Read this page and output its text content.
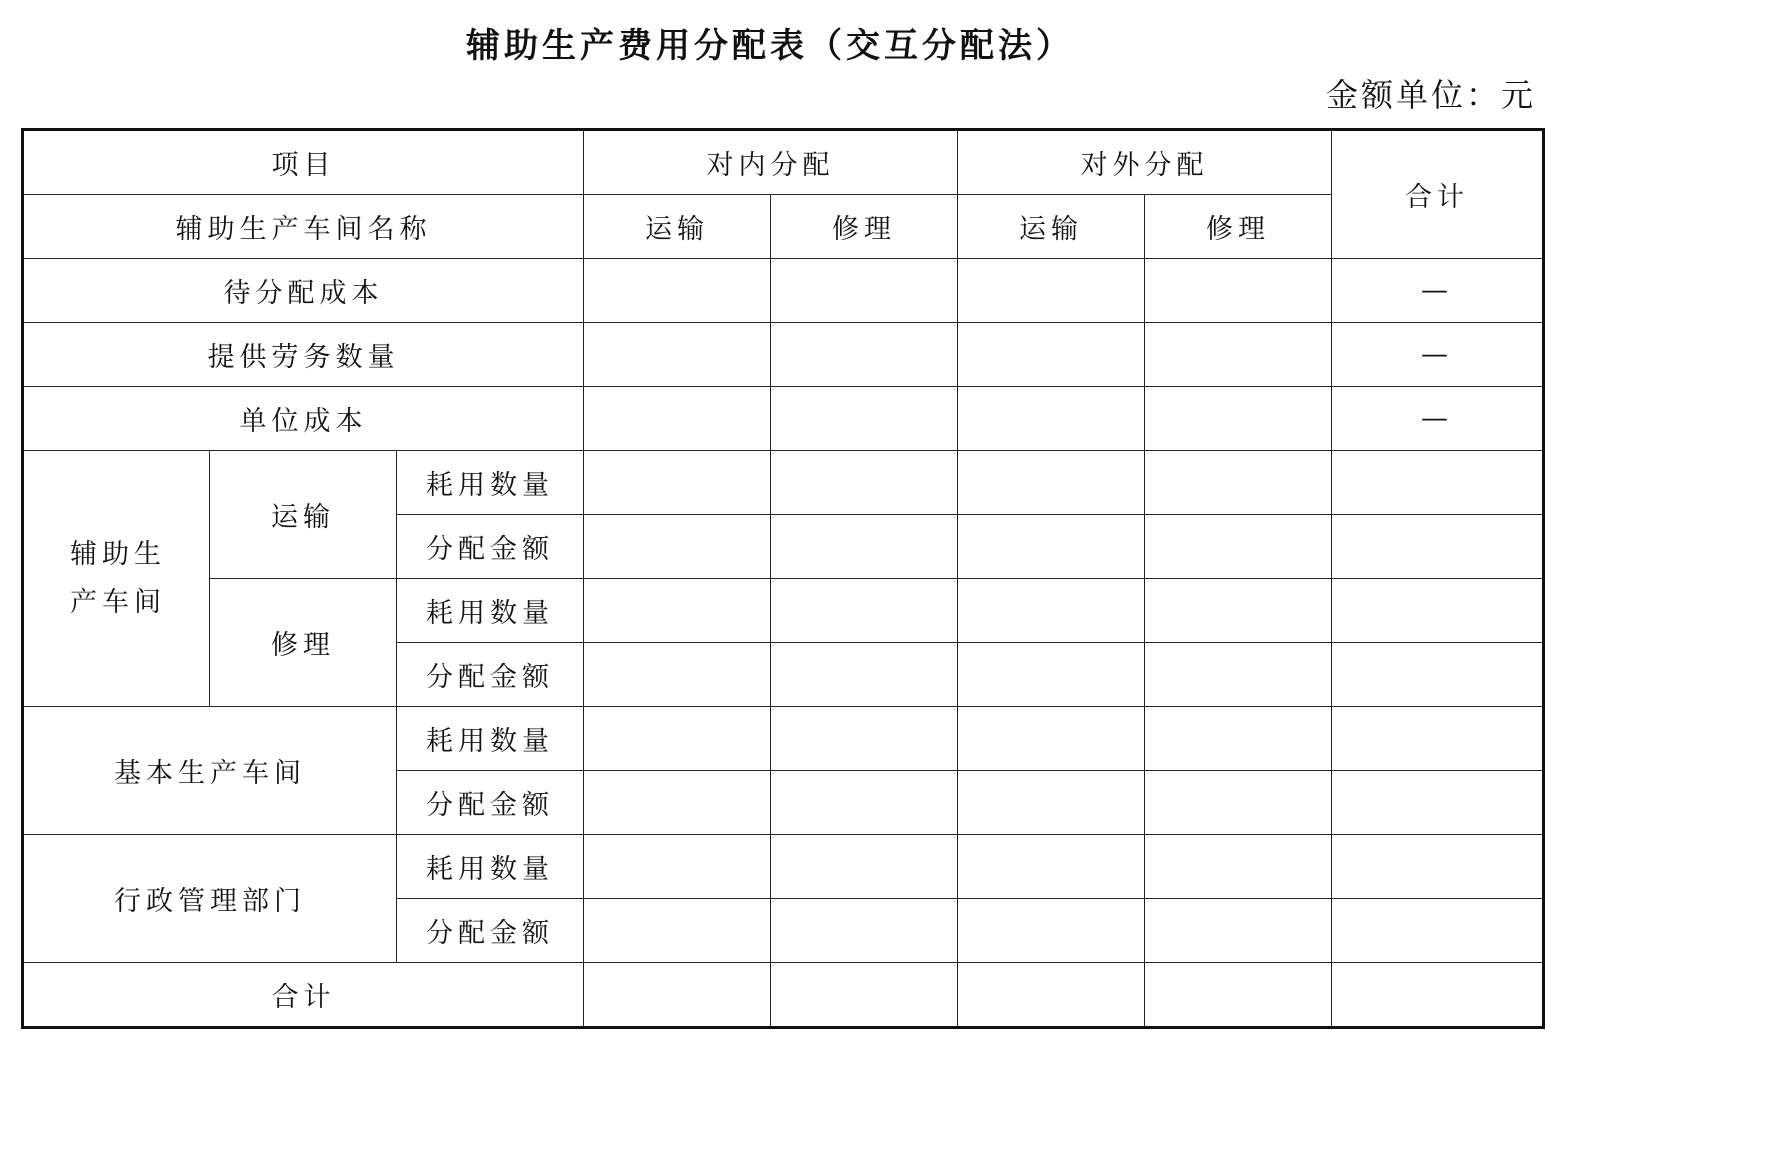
辅助生产费用分配表（交互分配法）
金额单位：元
项目			对内分配		对外分配		合计
辅助生产车间名称			运输	修理	运输	修理	
待分配成本							—
提供劳务数量							—
单位成本							—
辅助生
产车间	运输	耗用数量					
		分配金额					
	修理	耗用数量					
		分配金额					
基本生产车间		耗用数量					
		分配金额					
行政管理部门		耗用数量					
		分配金额					
合计							
